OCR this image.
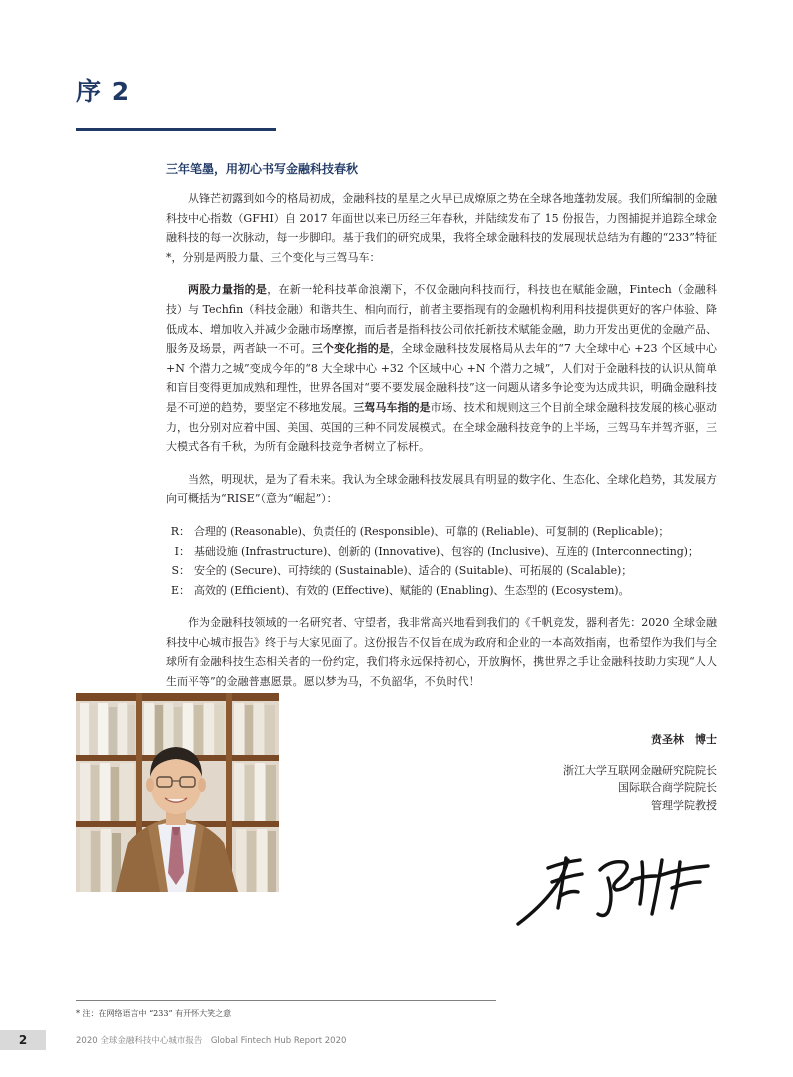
序 2
三年笔墨，用初心书写金融科技春秋

从锋芒初露到如今的格局初成，金融科技的星星之火早已成燎原之势在全球各地蓬勃发展。我们所编制的金融科技中心指数（GFHI）自 2017 年面世以来已历经三年春秋，并陆续发布了 15 份报告，力图捕捉并追踪全球金融科技的每一次脉动，每一步脚印。基于我们的研究成果，我将全球金融科技的发展现状总结为有趣的“233”特征 *，分别是两股力量、三个变化与三驾马车：

两股力量指的是，在新一轮科技革命浪潮下，不仅金融向科技而行，科技也在赋能金融，Fintech（金融科技）与 Techfin（科技金融）和谐共生、相向而行，前者主要指现有的金融机构利用科技提供更好的客户体验、降低成本、增加收入并减少金融市场摩擦，而后者是指科技公司依托新技术赋能金融，助力开发出更优的金融产品、服务及场景，两者缺一不可。三个变化指的是，全球金融科技发展格局从去年的“7 大全球中心 +23 个区域中心 +N 个潜力之城”变成今年的“8 大全球中心 +32 个区域中心 +N 个潜力之城”，人们对于金融科技的认识从简单和盲目变得更加成熟和理性，世界各国对“要不要发展金融科技”这一问题从诸多争论变为达成共识，明确金融科技是不可逆的趋势，要坚定不移地发展。三驾马车指的是市场、技术和规则这三个目前全球金融科技发展的核心驱动力，也分别对应着中国、美国、英国的三种不同发展模式。在全球金融科技竞争的上半场，三驾马车并驾齐驱，三大模式各有千秋，为所有金融科技竞争者树立了标杆。

当然，明现状，是为了看未来。我认为全球金融科技发展具有明显的数字化、生态化、全球化趋势，其发展方向可概括为“RISE”（意为“崛起”）：

R： 合理的 (Reasonable)、负责任的 (Responsible)、可靠的 (Reliable)、可复制的 (Replicable)；
I： 基础设施 (Infrastructure)、创新的 (Innovative)、包容的 (Inclusive)、互连的 (Interconnecting)；
S： 安全的 (Secure)、可持续的 (Sustainable)、适合的 (Suitable)、可拓展的 (Scalable)；
E： 高效的 (Efficient)、有效的 (Effective)、赋能的 (Enabling)、生态型的 (Ecosystem)。

作为金融科技领域的一名研究者、守望者，我非常高兴地看到我们的《千帆竞发，器利者先：2020 全球金融科技中心城市报告》终于与大家见面了。这份报告不仅旨在成为政府和企业的一本高效指南，也希望作为我们与全球所有金融科技生态相关者的一份约定，我们将永远保持初心，开放胸怀，携世界之手让金融科技助力实现“人人生而平等”的金融普惠愿景。愿以梦为马，不负韶华，不负时代！

贲圣林　博士
浙江大学互联网金融研究院院长
国际联合商学院院长
管理学院教授
* 注：在网络语言中 “233” 有开怀大笑之意
2	2020 全球金融科技中心城市报告　Global Fintech Hub Report 2020
